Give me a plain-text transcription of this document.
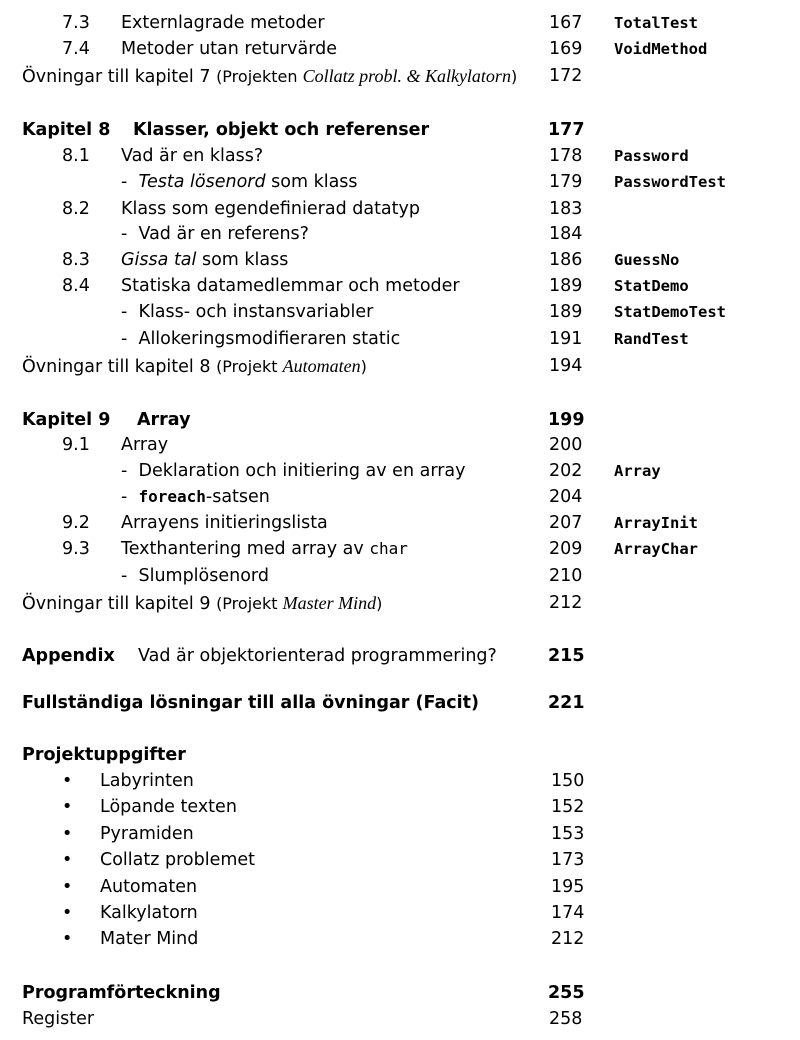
7.3 Externlagrade metoder	167 TotalTest
7.4 Metoder utan returvärde	169 VoidMethod
Övningar till kapitel 7 (Projekten Collatz probl. & Kalkylatorn) 172
Kapitel 8 Klasser, objekt och referenser	177
8.1 Vad är en klass?	178 Password
- Testa lösenord som klass	179 PasswordTest
8.2 Klass som egendefinierad datatyp	183
- Vad är en referens?	184
8.3 Gissa tal som klass	186 GuessNo
8.4 Statiska datamedlemmar och metoder	189 StatDemo
- Klass- och instansvariabler	189 StatDemoTest
- Allokeringsmodifieraren static	191 RandTest
Övningar till kapitel 8 (Projekt Automaten)	194
Kapitel 9 Array	199
9.1 Array	200
- Deklaration och initiering av en array	202 Array
- foreach-satsen	204
9.2 Arrayens initieringslista	207 ArrayInit
9.3 Texthantering med array av char	209 ArrayChar
- Slumplösenord	210
Övningar till kapitel 9 (Projekt Master Mind)	212
Appendix Vad är objektorienterad programmering?	215
Fullständiga lösningar till alla övningar (Facit)	221
Projektuppgifter
• Labyrinten	150
• Löpande texten	152
• Pyramiden	153
• Collatz problemet	173
• Automaten	195
• Kalkylatorn	174
• Mater Mind	212
Programförteckning	255
Register	258
